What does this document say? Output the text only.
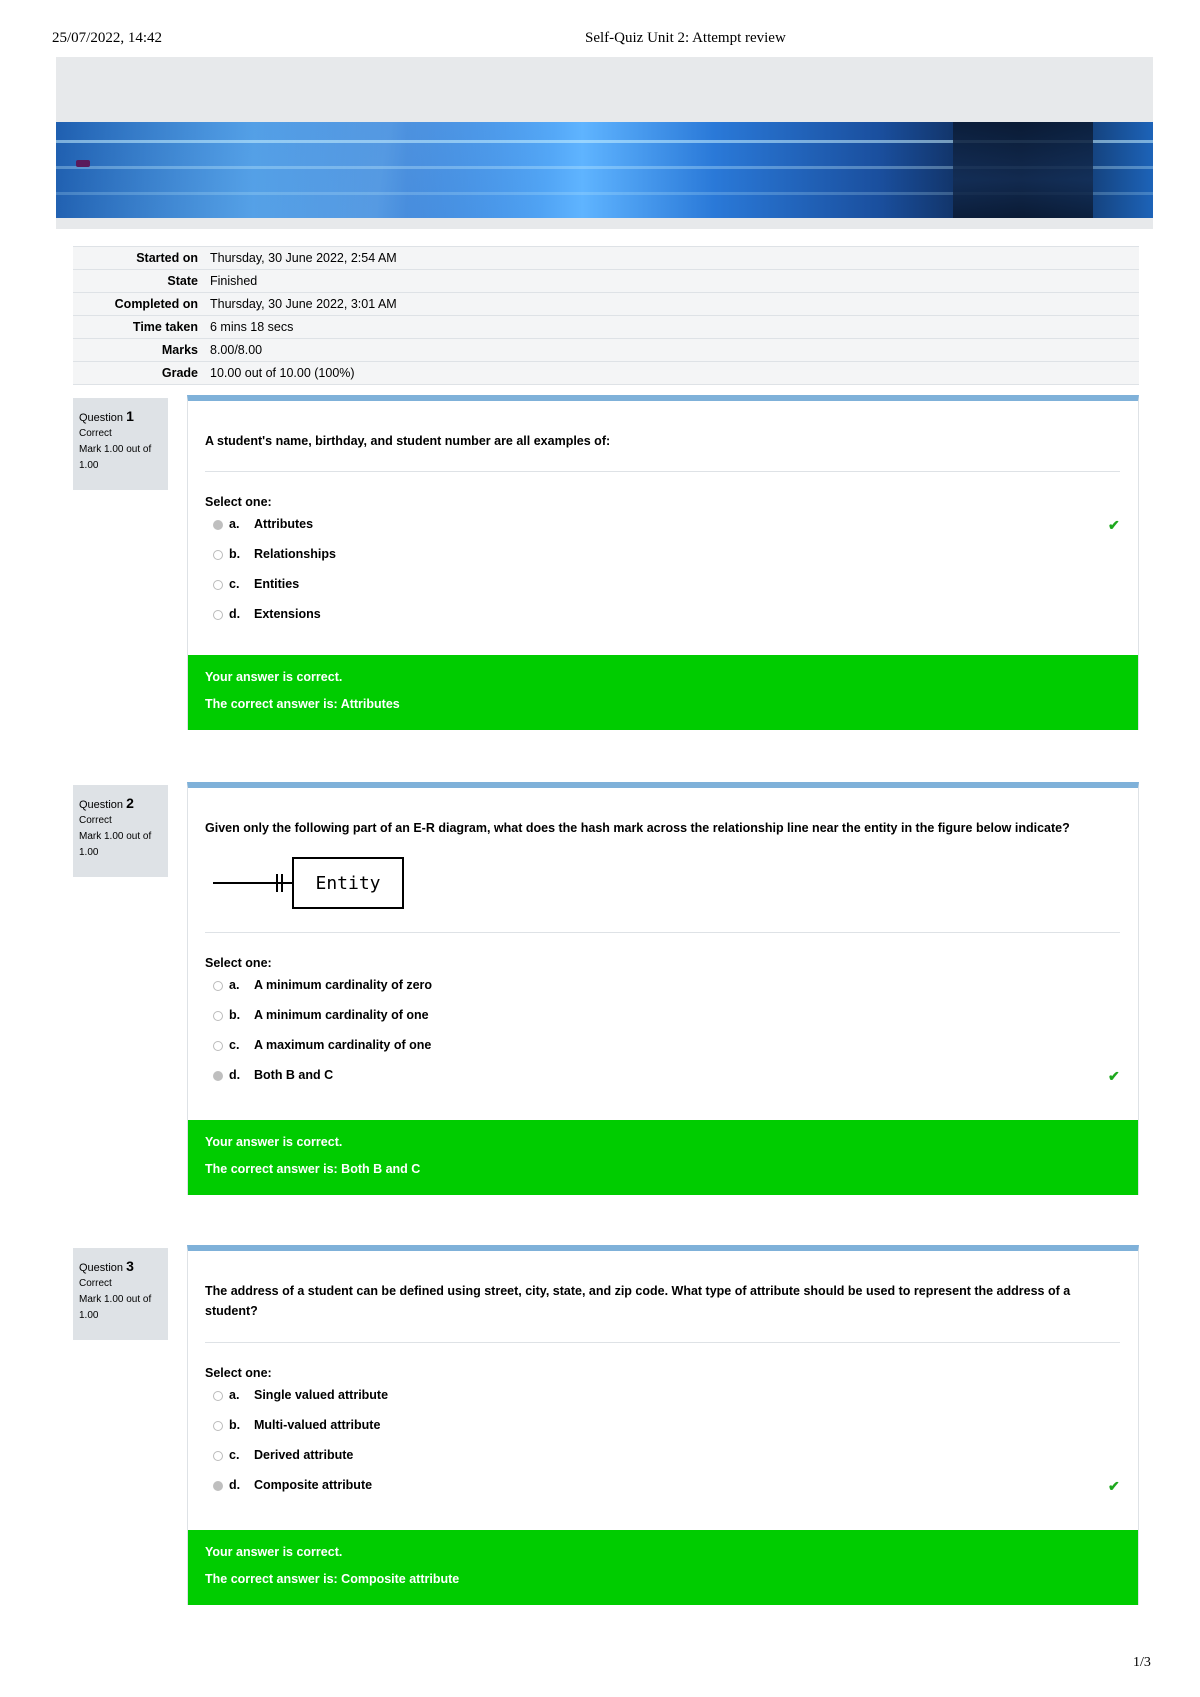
25/07/2022, 14:42	Self-Quiz Unit 2: Attempt review
Started on	Thursday, 30 June 2022, 2:54 AM
State	Finished
Completed on	Thursday, 30 June 2022, 3:01 AM
Time taken	6 mins 18 secs
Marks	8.00/8.00
Grade	10.00 out of 10.00 (100%)
Question 1
Correct
Mark 1.00 out of 1.00
A student's name, birthday, and student number are all examples of:
Select one:
a. Attributes	✔
b. Relationships
c. Entities
d. Extensions
Your answer is correct.
The correct answer is: Attributes
Question 2
Correct
Mark 1.00 out of 1.00
Given only the following part of an E-R diagram, what does the hash mark across the relationship line near the entity in the figure below indicate?
Entity
Select one:
a. A minimum cardinality of zero
b. A minimum cardinality of one
c. A maximum cardinality of one
d. Both B and C	✔
Your answer is correct.
The correct answer is: Both B and C
Question 3
Correct
Mark 1.00 out of 1.00
The address of a student can be defined using street, city, state, and zip code. What type of attribute should be used to represent the address of a student?
Select one:
a. Single valued attribute
b. Multi-valued attribute
c. Derived attribute
d. Composite attribute	✔
Your answer is correct.
The correct answer is: Composite attribute
1/3
